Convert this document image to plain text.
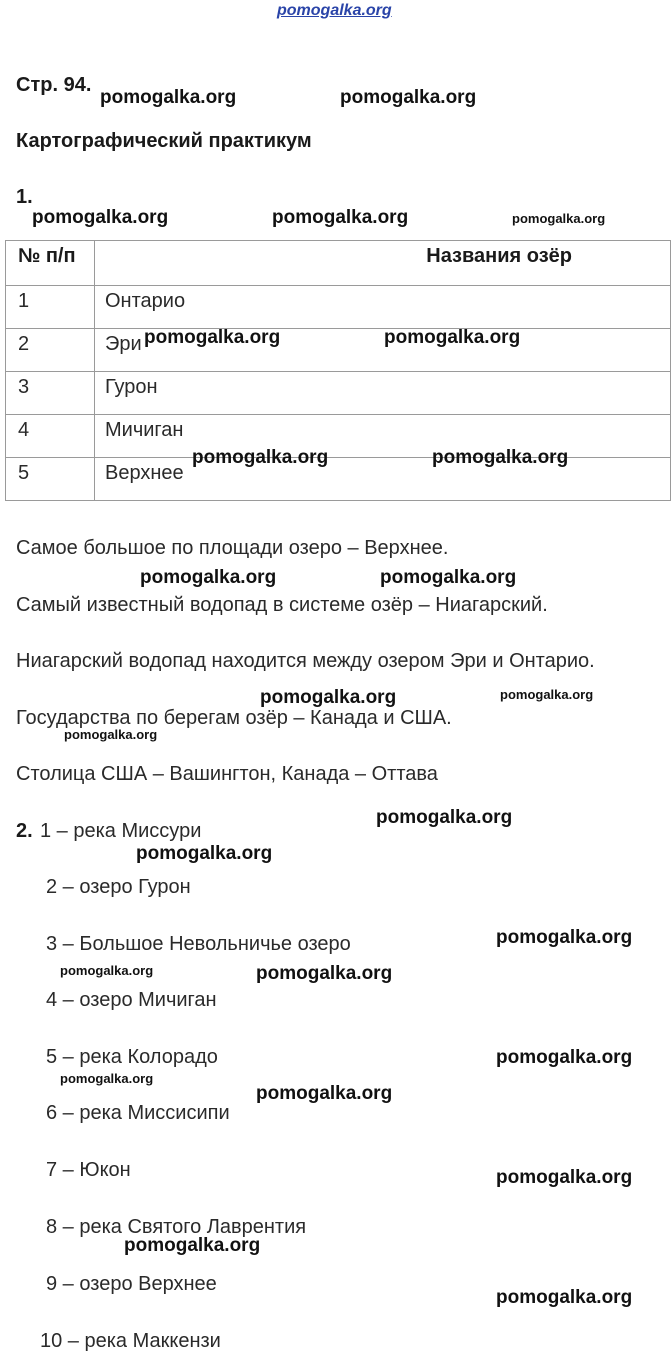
pomogalka.org
Стр. 94.
Картографический практикум
1.
№ п/п	Названия озёр
1	Онтарио
2	Эри
3	Гурон
4	Мичиган
5	Верхнее
Самое большое по площади озеро – Верхнее.
Самый известный водопад в системе озёр – Ниагарский.
Ниагарский водопад находится между озером Эри и Онтарио.
Государства по берегам озёр – Канада и США.
Столица США – Вашингтон, Канада – Оттава
2. 1 – река Миссури
2 – озеро Гурон
3 – Большое Невольничье озеро
4 – озеро Мичиган
5 – река Колорадо
6 – река Миссисипи
7 – Юкон
8 – река Святого Лаврентия
9 – озеро Верхнее
10 – река Маккензи
pomogalka.org	pomogalka.org
pomogalka.org	pomogalka.org	pomogalka.org
pomogalka.org	pomogalka.org
pomogalka.org	pomogalka.org
pomogalka.org	pomogalka.org
pomogalka.org	pomogalka.org
pomogalka.org
pomogalka.org
pomogalka.org
pomogalka.org
pomogalka.org	pomogalka.org
pomogalka.org
pomogalka.org
pomogalka.org
pomogalka.org
pomogalka.org
pomogalka.org
